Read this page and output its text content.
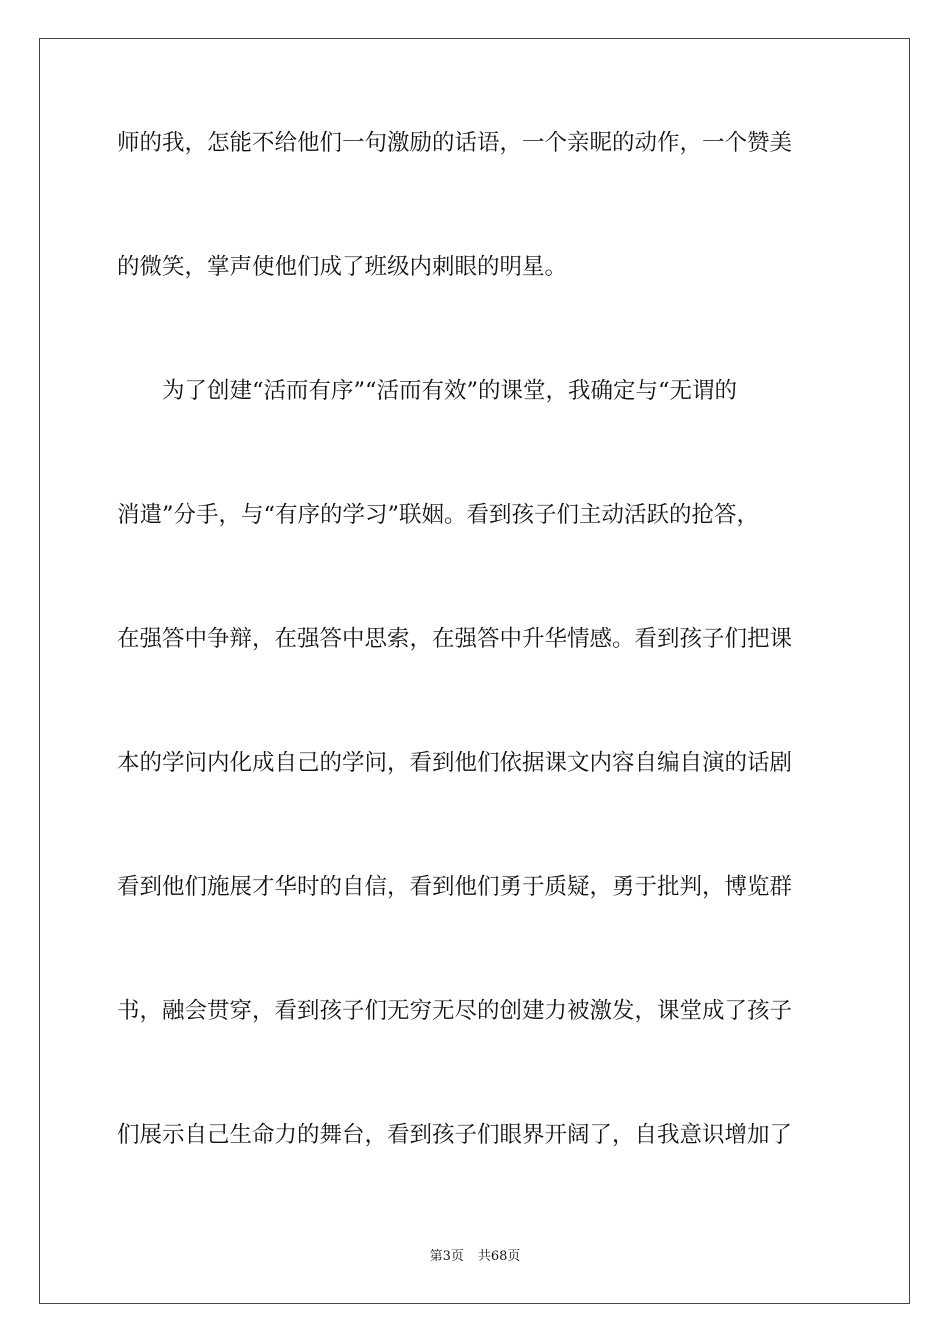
师的我，怎能不给他们一句激励的话语，一个亲昵的动作，一个赞美

的微笑，掌声使他们成了班级内刺眼的明星。

　　为了创建“活而有序”“活而有效”的课堂，我确定与“无谓的

消遣”分手，与“有序的学习”联姻。看到孩子们主动活跃的抢答，

在强答中争辩，在强答中思索，在强答中升华情感。看到孩子们把课

本的学问内化成自己的学问，看到他们依据课文内容自编自演的话剧

看到他们施展才华时的自信，看到他们勇于质疑，勇于批判，博览群

书，融会贯穿，看到孩子们无穷无尽的创建力被激发，课堂成了孩子

们展示自己生命力的舞台，看到孩子们眼界开阔了，自我意识增加了

第3页 共68页
